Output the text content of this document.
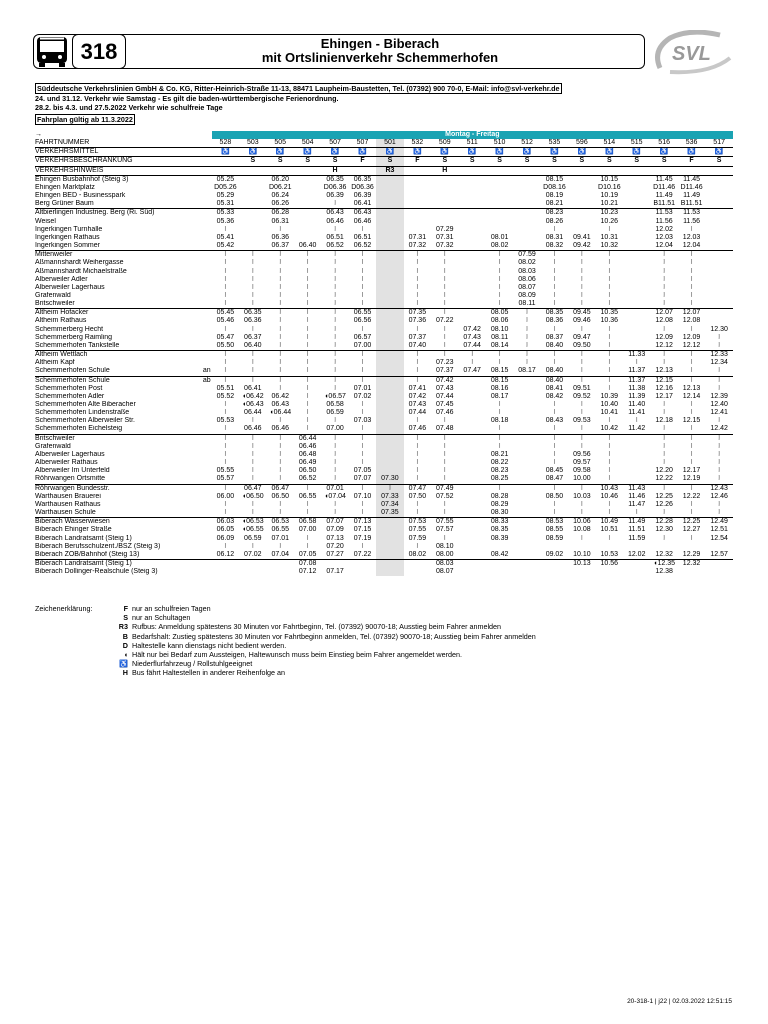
318	Ehingen - Biberach
mit Ortslinienverkehr Schemmerhofen	SVL
Süddeutsche Verkehrslinien GmbH & Co. KG, Ritter-Heinrich-Straße 11-13, 88471 Laupheim-Baustetten, Tel. (07392) 900 70-0, E-Mail: info@svl-verkehr.de
24. und 31.12. Verkehr wie Samstag - Es gilt die baden-württembergische Ferienordnung.
28.2. bis 4.3. und 27.5.2022 Verkehr wie schulfreie Tage
Fahrplan gültig ab 11.3.2022
→	Montag - Freitag																		
FAHRTNUMMER	528	503	505	504	507	507	501	532	509	511	510	512	535	596	514	515	516	536	517
VERKEHRSMITTEL	♿	♿	♿	♿	♿	♿	♿	♿	♿	♿	♿	♿	♿	♿	♿	♿	♿	♿	♿
VERKEHRSBESCHRÄNKUNG		S	S	S	S	F	S	F	S	S	S	S	S	S	S	S	S	F	S
VERKEHRSHINWEIS					H		R3		H										
Ehingen Busbahnhof (Steig 3)	05.25		06.20		06.35	06.35							08.15		10.15		11.45	11.45	
Ehingen Marktplatz	D05.26		D06.21		D06.36	D06.36							D08.16		D10.16		D11.46	D11.46	
Ehingen BED - Businesspark	05.29		06.24		06.39	06.39							08.19		10.19		11.49	11.49	
Berg Grüner Baum	05.31		06.26		⦚	06.41							08.21		10.21		B11.51	B11.51	
Altbierlingen Industrieg. Berg (Ri. Süd)	05.33		06.28		06.43	06.43							08.23		10.23		11.53	11.53	
Weisel	05.36		06.31		06.46	06.46							08.26		10.26		11.56	11.56	
Ingerkingen Turnhalle	⦚		⦚		⦚	⦚			07.29				⦚		⦚		12.02	⦚	
Ingerkingen Rathaus	05.41		06.36		06.51	06.51		07.31	07.31		08.01		08.31	09.41	10.31		12.03	12.03	
Ingerkingen Sommer	05.42		06.37	06.40	06.52	06.52		07.32	07.32		08.02		08.32	09.42	10.32		12.04	12.04	
Mittenweiler	⦚	⦚	⦚	⦚	⦚	⦚		⦚	⦚		⦚	07.59	⦚	⦚	⦚		⦚	⦚	
Aßmannshardt Weihergasse	⦚	⦚	⦚	⦚	⦚	⦚		⦚	⦚		⦚	08.02	⦚	⦚	⦚		⦚	⦚	
Aßmannshardt Michaelstraße	⦚	⦚	⦚	⦚	⦚	⦚		⦚	⦚		⦚	08.03	⦚	⦚	⦚		⦚	⦚	
Alberweiler Adler	⦚	⦚	⦚	⦚	⦚	⦚		⦚	⦚		⦚	08.06	⦚	⦚	⦚		⦚	⦚	
Alberweiler Lagerhaus	⦚	⦚	⦚	⦚	⦚	⦚		⦚	⦚		⦚	08.07	⦚	⦚	⦚		⦚	⦚	
Grafenwald	⦚	⦚	⦚	⦚	⦚	⦚		⦚	⦚		⦚	08.09	⦚	⦚	⦚		⦚	⦚	
Britschweiler	⦚	⦚	⦚	⦚	⦚	⦚		⦚	⦚		⦚	08.11	⦚	⦚	⦚		⦚	⦚	
Altheim Hofacker	05.45	06.35	⦚	⦚	⦚	06.55		07.35	⦚		08.05	⦚	08.35	09.45	10.35		12.07	12.07	
Altheim Rathaus	05.46	06.36	⦚	⦚	⦚	06.56		07.36	07.22		08.06	⦚	08.36	09.46	10.36		12.08	12.08	
Schemmerberg Hecht	⦚	⦚	⦚	⦚	⦚	⦚		⦚	⦚	07.42	08.10	⦚	⦚	⦚	⦚		⦚	⦚	12.30
Schemmerberg Raimling	05.47	06.37	⦚	⦚	⦚	06.57		07.37	⦚	07.43	08.11	⦚	08.37	09.47	⦚		12.09	12.09	⦚
Schemmerhofen Tankstelle	05.50	06.40	⦚	⦚	⦚	07.00		07.40	⦚	07.44	08.14	⦚	08.40	09.50	⦚		12.12	12.12	⦚
Altheim Wettlach	⦚	⦚	⦚	⦚	⦚	⦚		⦚	⦚	⦚	⦚	⦚	⦚	⦚	⦚	11.33	⦚	⦚	12.33
Altheim Kapf	⦚	⦚	⦚	⦚	⦚	⦚		⦚	07.23	⦚	⦚	⦚	⦚	⦚	⦚	⦚	⦚	⦚	12.34
Schemmerhofen Schule an	⦚	⦚	⦚	⦚	⦚	⦚		⦚	07.37	07.47	08.15	08.17	08.40	⦚	⦚	11.37	12.13	⦚	⦚
Schemmerhofen Schule ab	⦚	⦚	⦚	⦚	⦚	⦚		⦚	07.42		08.15		08.40	⦚	⦚	11.37	12.15	⦚	⦚
Schemmerhofen Post	05.51	06.41	⦚	⦚	⦚	07.01		07.41	07.43		08.16		08.41	09.51	⦚	11.38	12.16	12.13	⦚
Schemmerhofen Adler	05.52	◖06.42	06.42	⦚	◖06.57	07.02		07.42	07.44		08.17		08.42	09.52	10.39	11.39	12.17	12.14	12.39
Schemmerhofen Alte Biberacher	⦚	◖06.43	06.43	⦚	06.58	⦚		07.43	07.45		⦚		⦚	⦚	10.40	11.40	⦚	⦚	12.40
Schemmerhofen Lindenstraße	⦚	06.44	◖06.44	⦚	06.59	⦚		07.44	07.46		⦚		⦚	⦚	10.41	11.41	⦚	⦚	12.41
Schemmerhofen Alberweiler Str.	05.53	⦚	⦚	⦚	⦚	07.03		⦚	⦚		08.18		08.43	09.53	⦚	⦚	12.18	12.15	⦚
Schemmerhofen Eichelsteig	⦚	06.46	06.46	⦚	07.00	⦚		07.46	07.48		⦚		⦚	⦚	10.42	11.42	⦚	⦚	12.42
Britschweiler	⦚	⦚	⦚	06.44	⦚	⦚		⦚	⦚		⦚		⦚	⦚	⦚		⦚	⦚	⦚
Grafenwald	⦚	⦚	⦚	06.46	⦚	⦚		⦚	⦚		⦚		⦚	⦚	⦚		⦚	⦚	⦚
Alberweiler Lagerhaus	⦚	⦚	⦚	06.48	⦚	⦚		⦚	⦚		08.21		⦚	09.56	⦚		⦚	⦚	⦚
Alberweiler Rathaus	⦚	⦚	⦚	06.49	⦚	⦚		⦚	⦚		08.22		⦚	09.57	⦚		⦚	⦚	⦚
Alberweiler Im Unterfeld	05.55	⦚	⦚	06.50	⦚	07.05		⦚	⦚		08.23		08.45	09.58	⦚		12.20	12.17	⦚
Röhrwangen Ortsmitte	05.57	⦚	⦚	06.52	⦚	07.07	07.30	⦚	⦚		08.25		08.47	10.00	⦚		12.22	12.19	⦚
Röhrwangen Bundesstr.	⦚	06.47	06.47	⦚	07.01	⦚	⦚	07.47	07.49		⦚		⦚	⦚	10.43	11.43	⦚	⦚	12.43
Warthausen Brauerei	06.00	◖06.50	06.50	06.55	◖07.04	07.10	07.33	07.50	07.52		08.28		08.50	10.03	10.46	11.46	12.25	12.22	12.46
Warthausen Rathaus	⦚	⦚	⦚	⦚	⦚	⦚	07.34	⦚	⦚		08.29		⦚	⦚	⦚	11.47	12.26	⦚	⦚
Warthausen Schule	⦚	⦚	⦚	⦚	⦚	⦚	07.35	⦚	⦚		08.30		⦚	⦚	⦚	⦚	⦚	⦚	⦚
Biberach Wasserwiesen	06.03	◖06.53	06.53	06.58	07.07	07.13		07.53	07.55		08.33		08.53	10.06	10.49	11.49	12.28	12.25	12.49
Biberach Ehinger Straße	06.05	◖06.55	06.55	07.00	07.09	07.15		07.55	07.57		08.35		08.55	10.08	10.51	11.51	12.30	12.27	12.51
Biberach Landratsamt (Steig 1)	06.09	06.59	07.01	⦚	07.13	07.19		07.59	⦚		08.39		08.59	⦚	⦚	11.59	⦚	⦚	12.54
Biberach Berufsschulzent./BSZ (Steig 3)	⦚	⦚	⦚	⦚	07.20	⦚		⦚	08.10										
Biberach ZOB/Bahnhof (Steig 13)	06.12	07.02	07.04	07.05	07.27	07.22		08.02	08.00		08.42		09.02	10.10	10.53	12.02	12.32	12.29	12.57
Biberach Landratsamt (Steig 1)				07.08					08.03					10.13	10.56		◖12.35	12.32	
Biberach Dollinger-Realschule (Steig 3)				07.12	07.17				08.07								12.38		
Zeichenerklärung:	F nur an schulfreien Tagen
S nur an Schultagen
R3 Rufbus: Anmeldung spätestens 30 Minuten vor Fahrtbeginn, Tel. (07392) 90070-18; Ausstieg beim Fahrer anmelden
B Bedarfshalt: Zustieg spätestens 30 Minuten vor Fahrtbeginn anmelden, Tel. (07392) 90070-18; Ausstieg beim Fahrer anmelden
D Haltestelle kann dienstags nicht bedient werden.
◖ Hält nur bei Bedarf zum Aussteigen, Haltewunsch muss beim Einstieg beim Fahrer angemeldet werden.
♿ Niederflurfahrzeug / Rollstuhlgeeignet
H Bus fährt Haltestellen in anderer Reihenfolge an
20-318-1 | j22 | 02.03.2022 12:51:15
